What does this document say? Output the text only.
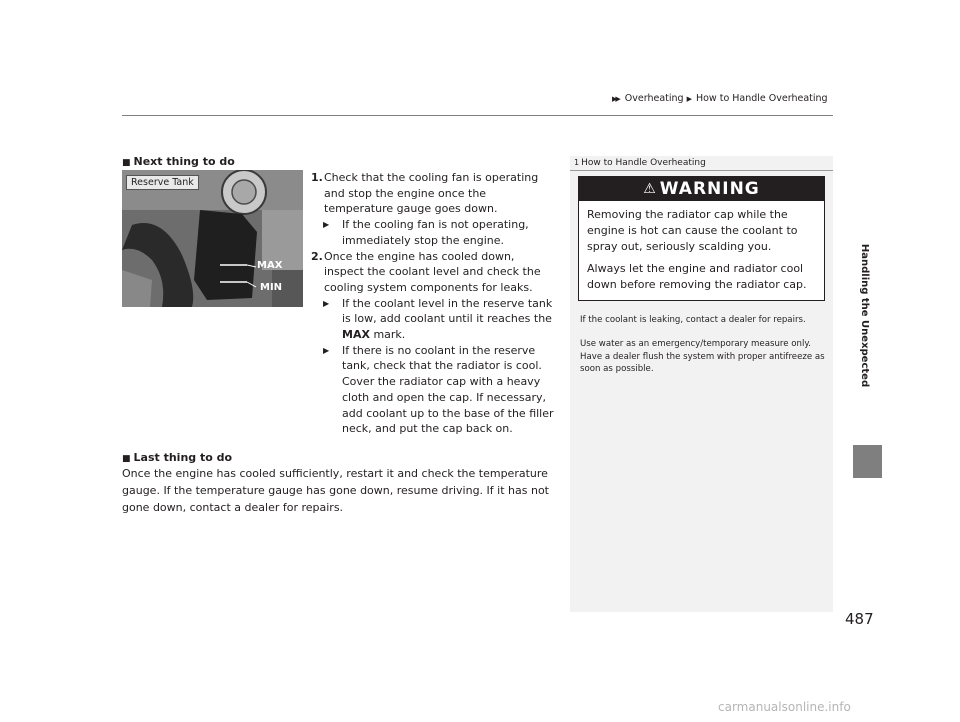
▶▶ Overheating ▶ How to Handle Overheating
■ Next thing to do
Reserve Tank
MAX
MIN
1. Check that the cooling fan is operating and stop the engine once the temperature gauge goes down.
▶ If the cooling fan is not operating, immediately stop the engine.
2. Once the engine has cooled down, inspect the coolant level and check the cooling system components for leaks.
▶ If the coolant level in the reserve tank is low, add coolant until it reaches the MAX mark.
▶ If there is no coolant in the reserve tank, check that the radiator is cool. Cover the radiator cap with a heavy cloth and open the cap. If necessary, add coolant up to the base of the filler neck, and put the cap back on.
■ Last thing to do
Once the engine has cooled sufficiently, restart it and check the temperature gauge. If the temperature gauge has gone down, resume driving. If it has not gone down, contact a dealer for repairs.
1 How to Handle Overheating
⚠ WARNING

Removing the radiator cap while the engine is hot can cause the coolant to spray out, seriously scalding you.

Always let the engine and radiator cool down before removing the radiator cap.

If the coolant is leaking, contact a dealer for repairs.
Use water as an emergency/temporary measure only. Have a dealer flush the system with proper antifreeze as soon as possible.	Handling the Unexpected
487
carmanualsonline.info
